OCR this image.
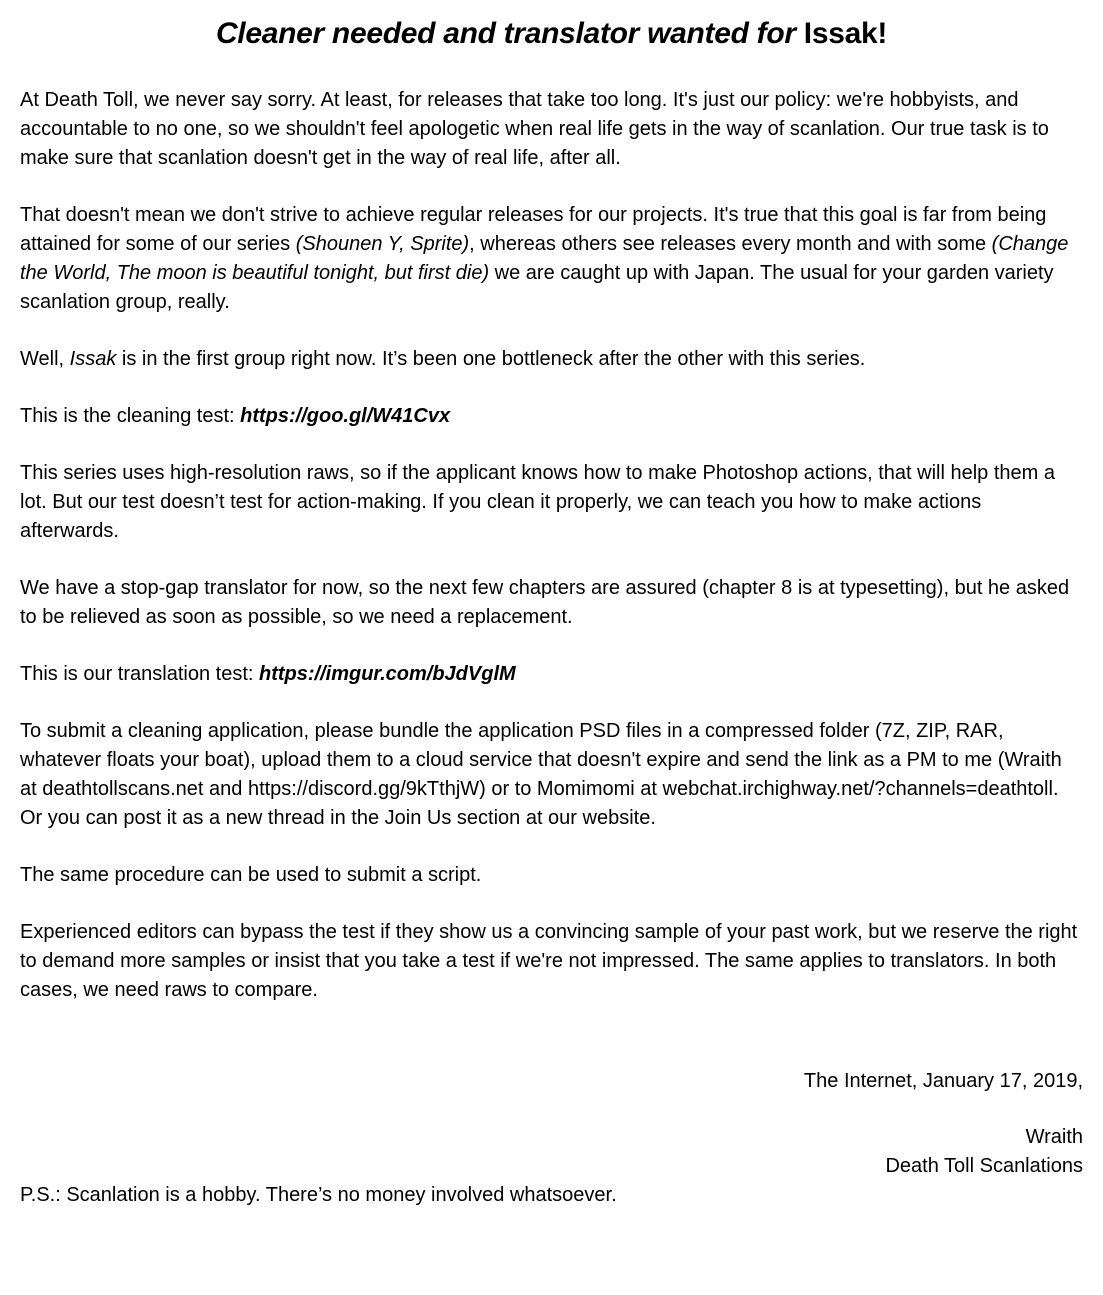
Cleaner needed and translator wanted for Issak!

At Death Toll, we never say sorry. At least, for releases that take too long. It's just our policy: we're hobbyists, and accountable to no one, so we shouldn't feel apologetic when real life gets in the way of scanlation. Our true task is to make sure that scanlation doesn't get in the way of real life, after all.

That doesn't mean we don't strive to achieve regular releases for our projects. It's true that this goal is far from being attained for some of our series (Shounen Y, Sprite), whereas others see releases every month and with some (Change the World, The moon is beautiful tonight, but first die) we are caught up with Japan. The usual for your garden variety scanlation group, really.

Well, Issak is in the first group right now. It’s been one bottleneck after the other with this series.

This is the cleaning test: https://goo.gl/W41Cvx

This series uses high-resolution raws, so if the applicant knows how to make Photoshop actions, that will help them a lot. But our test doesn’t test for action-making. If you clean it properly, we can teach you how to make actions afterwards.

We have a stop-gap translator for now, so the next few chapters are assured (chapter 8 is at typesetting), but he asked to be relieved as soon as possible, so we need a replacement.

This is our translation test: https://imgur.com/bJdVglM

To submit a cleaning application, please bundle the application PSD files in a compressed folder (7Z, ZIP, RAR, whatever floats your boat), upload them to a cloud service that doesn't expire and send the link as a PM to me (Wraith at deathtollscans.net and https://discord.gg/9kTthjW) or to Momimomi at webchat.irchighway.net/?channels=deathtoll. Or you can post it as a new thread in the Join Us section at our website.

The same procedure can be used to submit a script.

Experienced editors can bypass the test if they show us a convincing sample of your past work, but we reserve the right to demand more samples or insist that you take a test if we're not impressed. The same applies to translators. In both cases, we need raws to compare.

The Internet, January 17, 2019,

Wraith

Death Toll Scanlations

P.S.: Scanlation is a hobby. There’s no money involved whatsoever.
